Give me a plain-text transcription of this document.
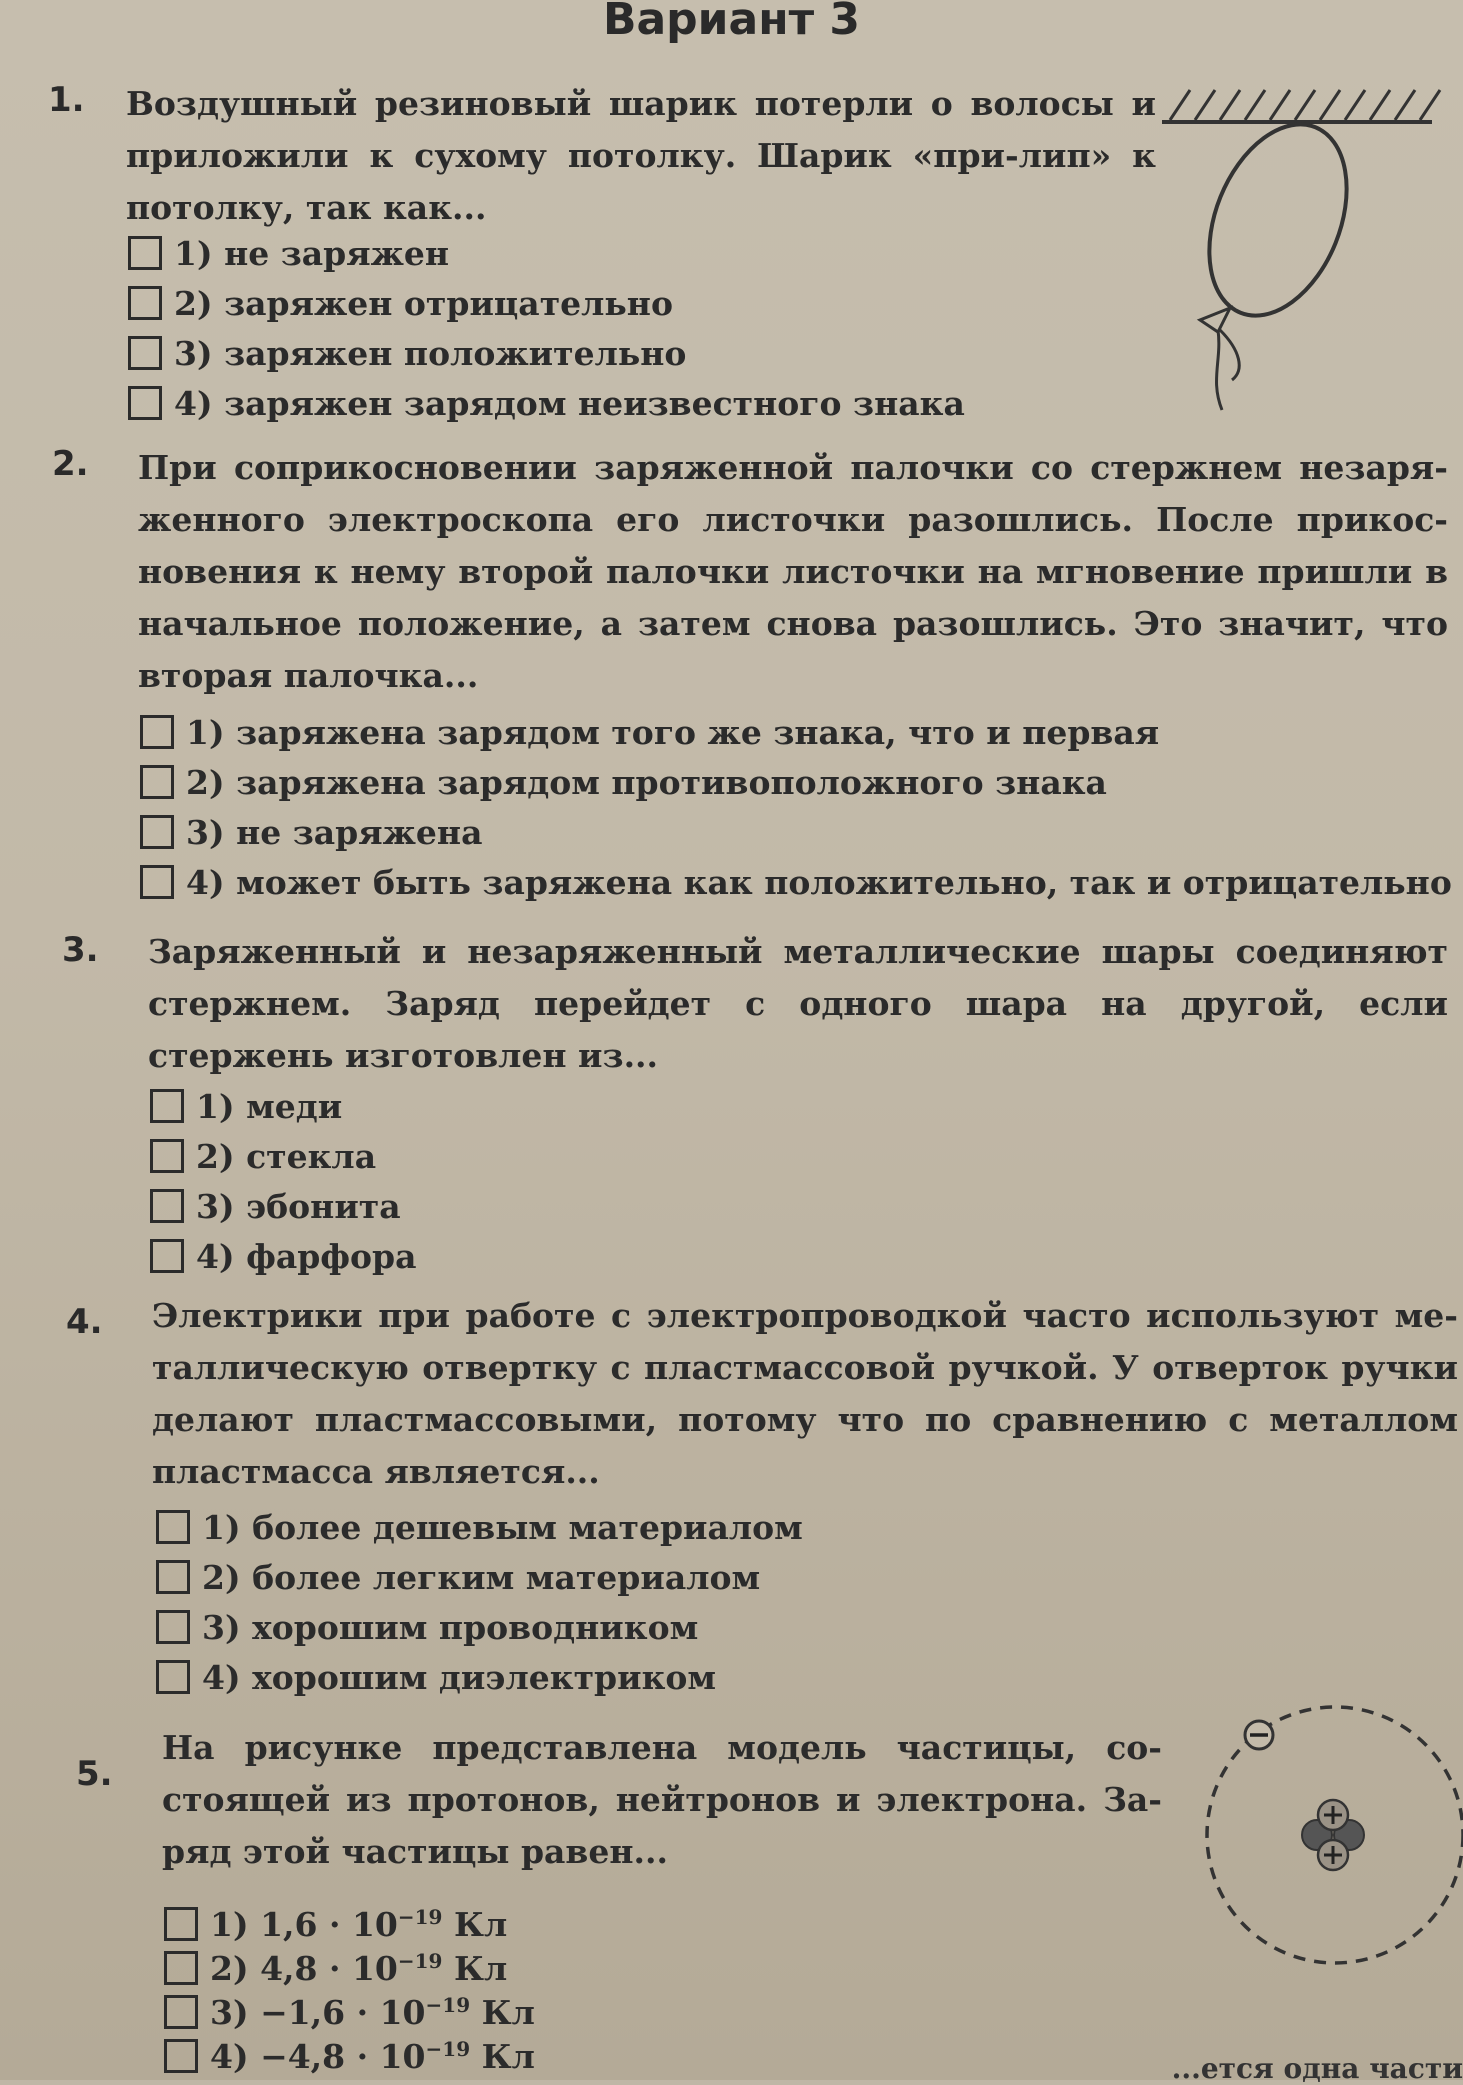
Вариант 3
1. Воздушный резиновый шарик потерли о волосы и приложили к сухому потолку. Шарик «при-лип» к потолку, так как...
1) не заряжен
2) заряжен отрицательно
3) заряжен положительно
4) заряжен зарядом неизвестного знака
2. При соприкосновении заряженной палочки со стержнем незаря-женного электроскопа его листочки разошлись. После прикос-новения к нему второй палочки листочки на мгновение пришли в начальное положение, а затем снова разошлись. Это значит, что вторая палочка...
1) заряжена зарядом того же знака, что и первая
2) заряжена зарядом противоположного знака
3) не заряжена
4) может быть заряжена как положительно, так и отрицательно
3. Заряженный и незаряженный металлические шары соединяют стержнем. Заряд перейдет с одного шара на другой, если стержень изготовлен из...
1) меди
2) стекла
3) эбонита
4) фарфора
4. Электрики при работе с электропроводкой часто используют ме-таллическую отвертку с пластмассовой ручкой. У отверток ручки делают пластмассовыми, потому что по сравнению с металлом пластмасса является...
1) более дешевым материалом
2) более легким материалом
3) хорошим проводником
4) хорошим диэлектриком
5.
На рисунке представлена модель частицы, со-стоящей из протонов, нейтронов и электрона. За-ряд этой частицы равен...
1) $1,6 \cdot 10^{-19}$ Кл
2) $4,8 \cdot 10^{-19}$ Кл
$3) -1,6 \cdot 10^{-19}$ Кл
$4) -4,8 \cdot 10^{-19}$ Кл	...ется одна части
